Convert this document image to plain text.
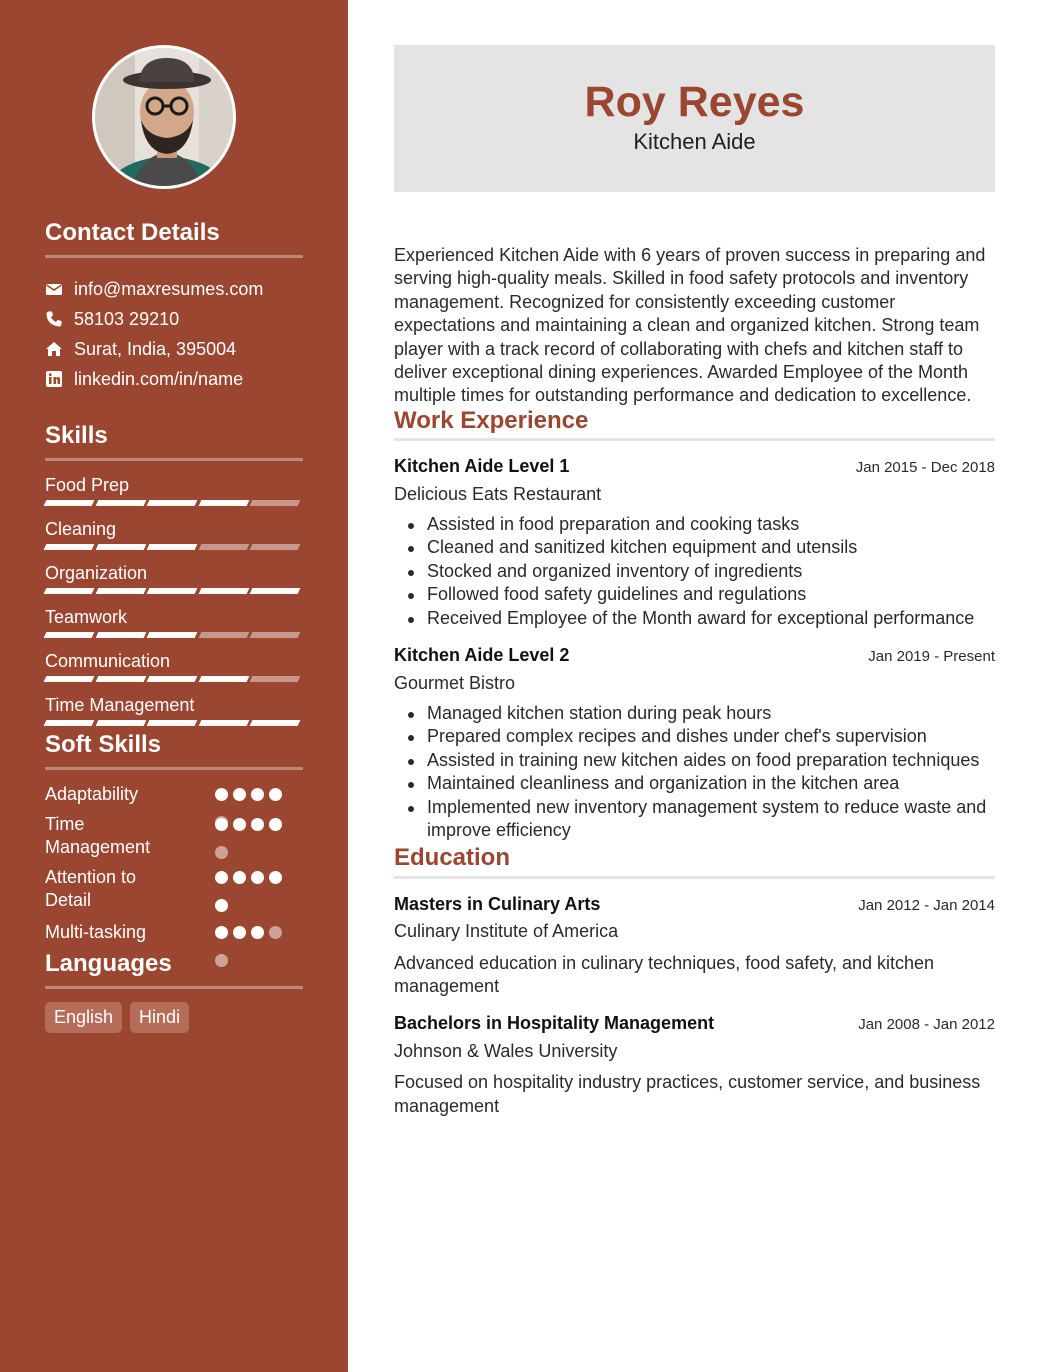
Contact Details
info@maxresumes.com
58103 29210
Surat, India, 395004
linkedin.com/in/name
Skills
Food Prep
Cleaning
Organization
Teamwork
Communication
Time Management
Soft Skills
Adaptability
Time Management
Attention to Detail
Multi-tasking
Languages
English	Hindi
Roy Reyes
Kitchen Aide

Experienced Kitchen Aide with 6 years of proven success in preparing and serving high-quality meals. Skilled in food safety protocols and inventory management. Recognized for consistently exceeding customer expectations and maintaining a clean and organized kitchen. Strong team player with a track record of collaborating with chefs and kitchen staff to deliver exceptional dining experiences. Awarded Employee of the Month multiple times for outstanding performance and dedication to excellence.

Work Experience
Kitchen Aide Level 1	Jan 2015 - Dec 2018
Delicious Eats Restaurant
Assisted in food preparation and cooking tasks
Cleaned and sanitized kitchen equipment and utensils
Stocked and organized inventory of ingredients
Followed food safety guidelines and regulations
Received Employee of the Month award for exceptional performance
Kitchen Aide Level 2	Jan 2019 - Present
Gourmet Bistro
Managed kitchen station during peak hours
Prepared complex recipes and dishes under chef's supervision
Assisted in training new kitchen aides on food preparation techniques
Maintained cleanliness and organization in the kitchen area
Implemented new inventory management system to reduce waste and improve efficiency
Education
Masters in Culinary Arts	Jan 2012 - Jan 2014
Culinary Institute of America
Advanced education in culinary techniques, food safety, and kitchen management
Bachelors in Hospitality Management	Jan 2008 - Jan 2012
Johnson & Wales University
Focused on hospitality industry practices, customer service, and business management
